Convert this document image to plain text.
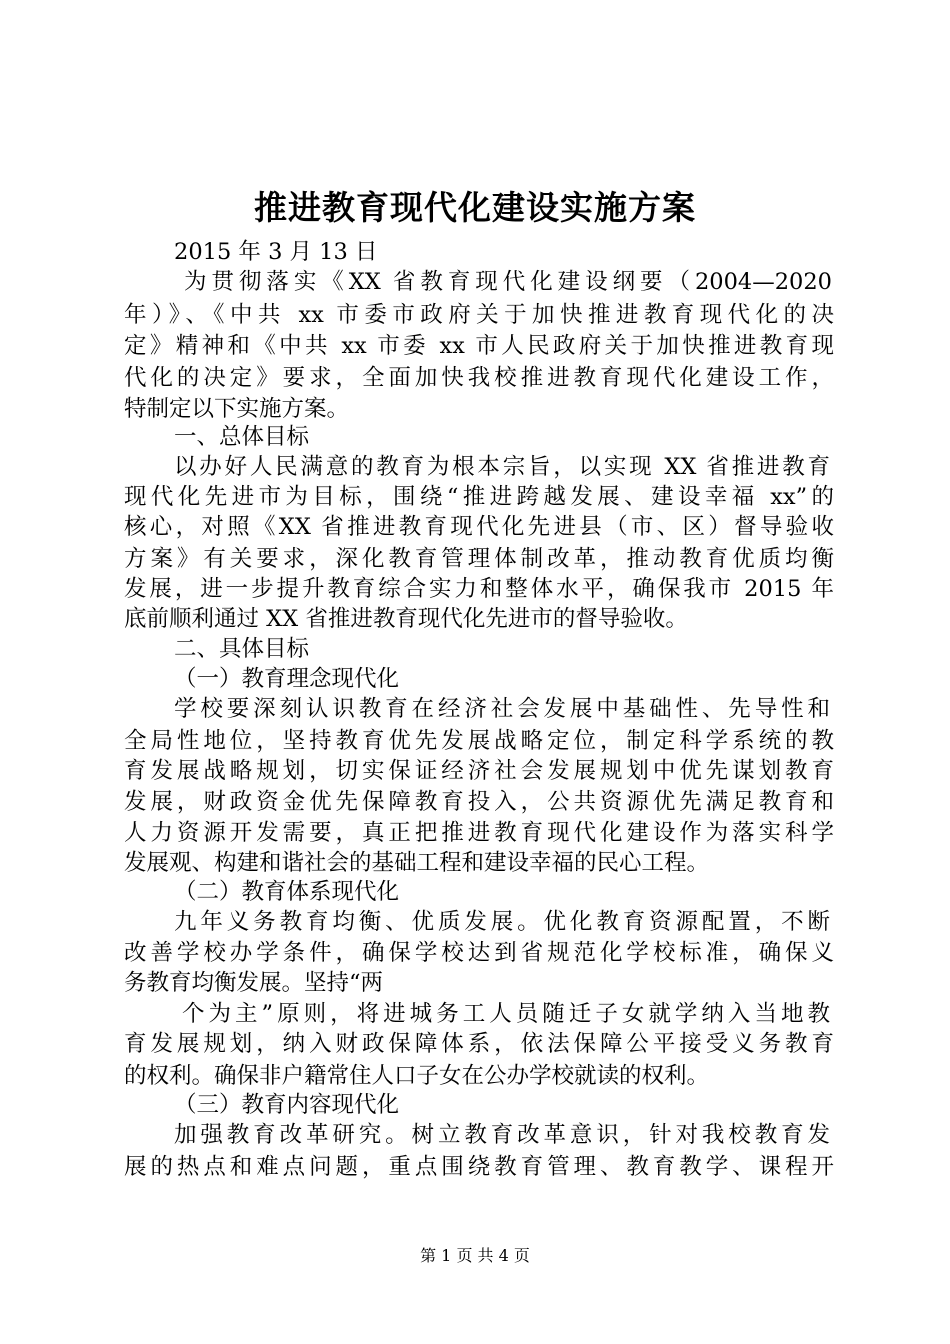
推进教育现代化建设实施方案
2015 年 3 月 13 日
为贯彻落实《XX 省教育现代化建设纲要（2004—2020
年）》、《中共 xx 市委市政府关于加快推进教育现代化的决
定》精神和《中共 xx 市委 xx 市人民政府关于加快推进教育现
代化的决定》要求，全面加快我校推进教育现代化建设工作，
特制定以下实施方案。
一、总体目标
以办好人民满意的教育为根本宗旨，以实现 XX 省推进教育
现代化先进市为目标，围绕“推进跨越发展、建设幸福 xx”的
核心，对照《XX 省推进教育现代化先进县（市、区）督导验收
方案》有关要求，深化教育管理体制改革，推动教育优质均衡
发展，进一步提升教育综合实力和整体水平，确保我市 2015 年
底前顺利通过 XX 省推进教育现代化先进市的督导验收。
二、具体目标
（一）教育理念现代化
学校要深刻认识教育在经济社会发展中基础性、先导性和
全局性地位，坚持教育优先发展战略定位，制定科学系统的教
育发展战略规划，切实保证经济社会发展规划中优先谋划教育
发展，财政资金优先保障教育投入，公共资源优先满足教育和
人力资源开发需要，真正把推进教育现代化建设作为落实科学
发展观、构建和谐社会的基础工程和建设幸福的民心工程。
（二）教育体系现代化
九年义务教育均衡、优质发展。优化教育资源配置，不断
改善学校办学条件，确保学校达到省规范化学校标准，确保义
务教育均衡发展。坚持“两
个为主”原则，将进城务工人员随迁子女就学纳入当地教
育发展规划，纳入财政保障体系，依法保障公平接受义务教育
的权利。确保非户籍常住人口子女在公办学校就读的权利。
（三）教育内容现代化
加强教育改革研究。树立教育改革意识，针对我校教育发
展的热点和难点问题，重点围绕教育管理、教育教学、课程开
第 1 页 共 4 页
